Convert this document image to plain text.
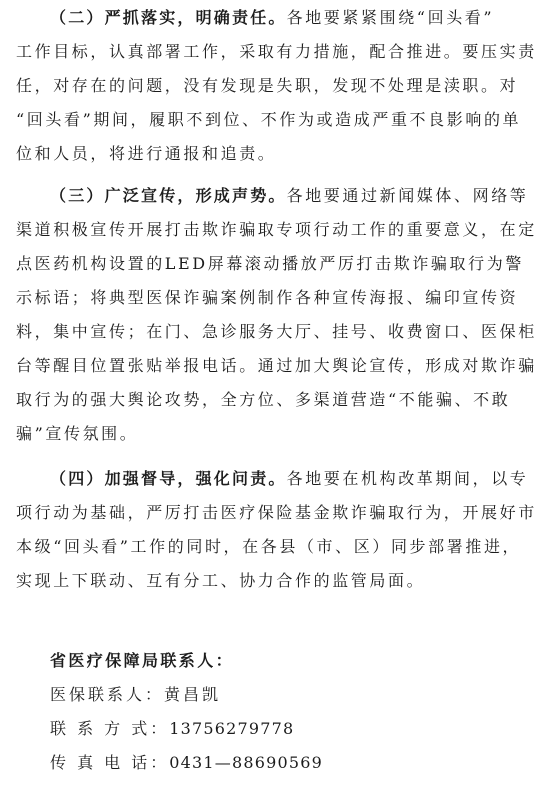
（二）严抓落实，明确责任。各地要紧紧围绕“回头看”
工作目标，认真部署工作，采取有力措施，配合推进。要压实责
任，对存在的问题，没有发现是失职，发现不处理是渎职。对
“回头看”期间，履职不到位、不作为或造成严重不良影响的单
位和人员，将进行通报和追责。
（三）广泛宣传，形成声势。各地要通过新闻媒体、网络等
渠道积极宣传开展打击欺诈骗取专项行动工作的重要意义，在定
点医药机构设置的LED屏幕滚动播放严厉打击欺诈骗取行为警
示标语；将典型医保诈骗案例制作各种宣传海报、编印宣传资
料，集中宣传；在门、急诊服务大厅、挂号、收费窗口、医保柜
台等醒目位置张贴举报电话。通过加大舆论宣传，形成对欺诈骗
取行为的强大舆论攻势，全方位、多渠道营造“不能骗、不敢
骗”宣传氛围。
（四）加强督导，强化问责。各地要在机构改革期间，以专
项行动为基础，严厉打击医疗保险基金欺诈骗取行为，开展好市
本级“回头看”工作的同时，在各县（市、区）同步部署推进，
实现上下联动、互有分工、协力合作的监管局面。
省医疗保障局联系人：
医保联系人：黄昌凯
联 系 方 式：13756279778
传 真 电 话：0431—88690569
